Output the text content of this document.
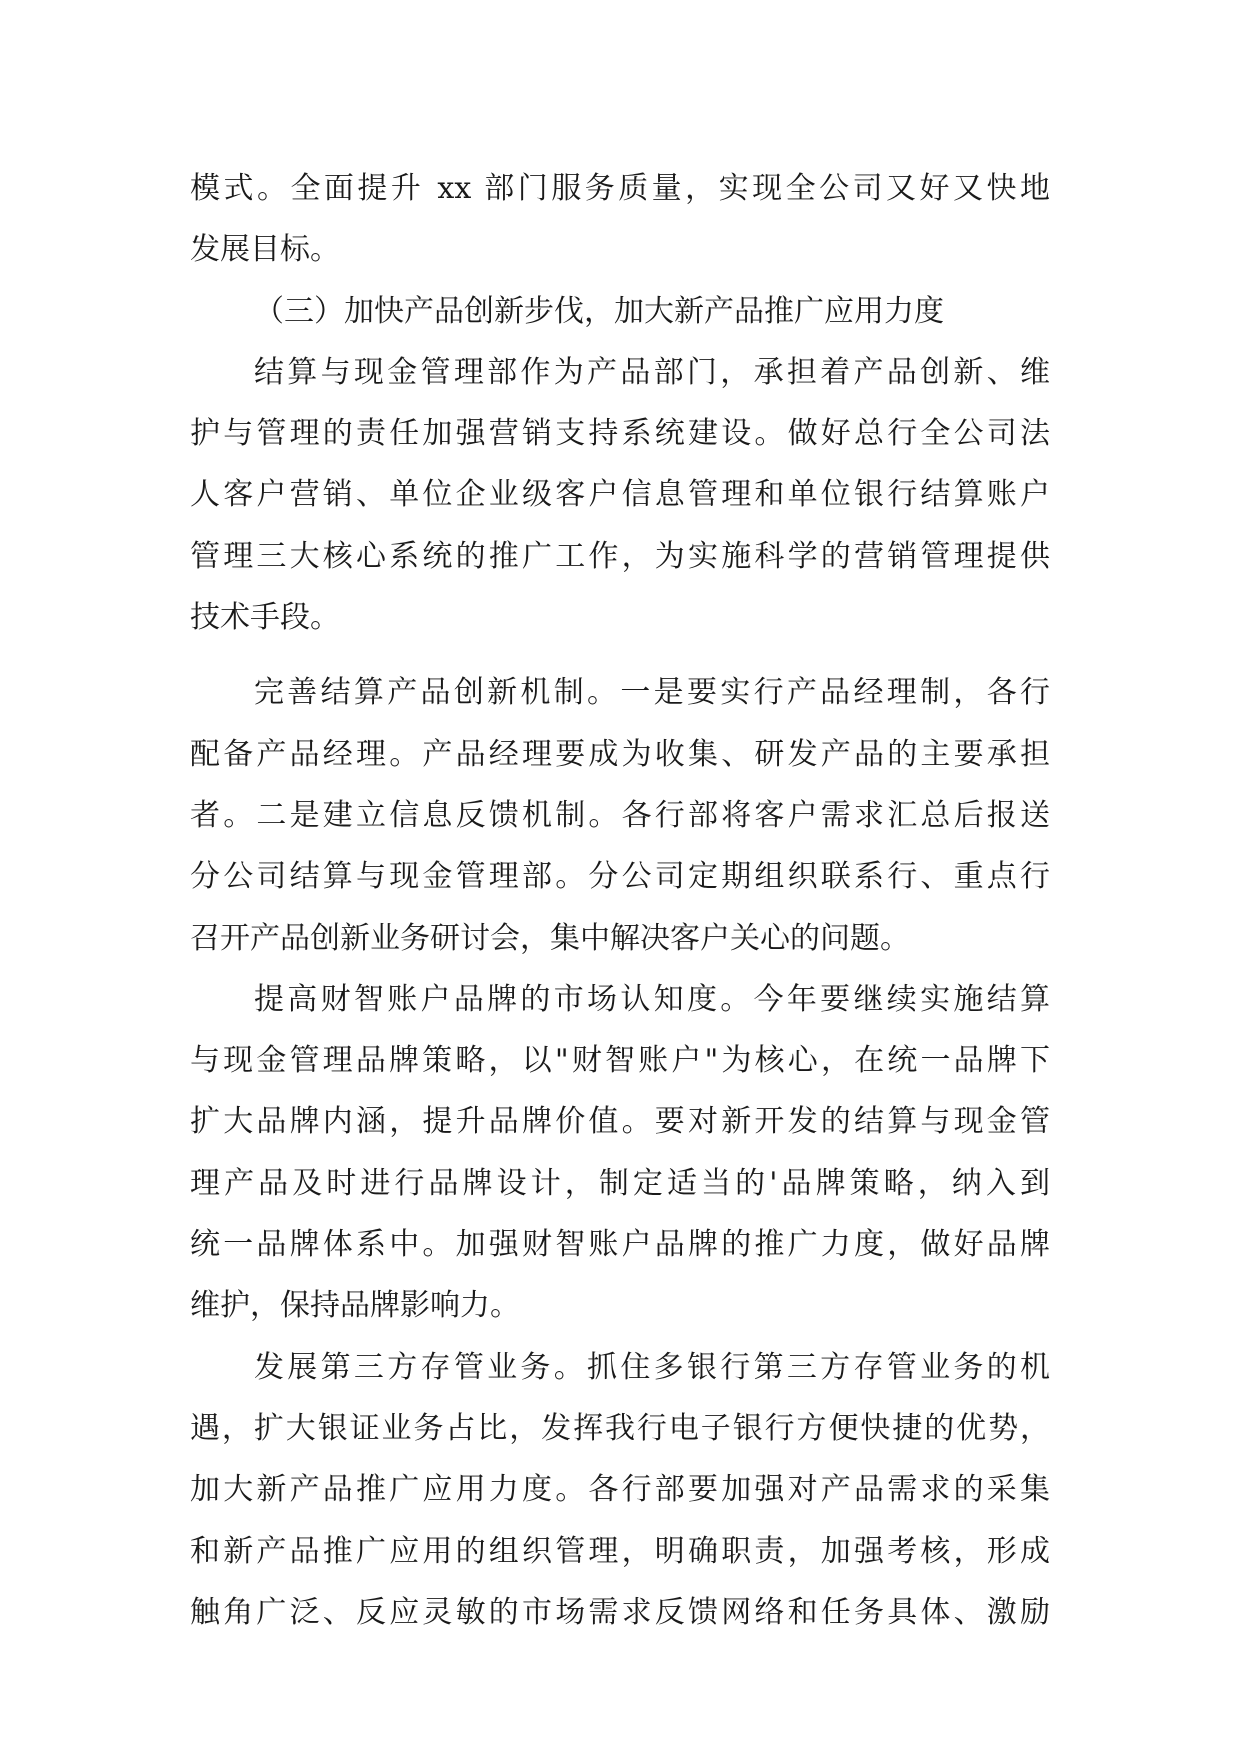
模式。全面提升 xx 部门服务质量，实现全公司又好又快地
发展目标。
（三）加快产品创新步伐，加大新产品推广应用力度
结算与现金管理部作为产品部门，承担着产品创新、维
护与管理的责任加强营销支持系统建设。做好总行全公司法
人客户营销、单位企业级客户信息管理和单位银行结算账户
管理三大核心系统的推广工作，为实施科学的营销管理提供
技术手段。
完善结算产品创新机制。一是要实行产品经理制，各行
配备产品经理。产品经理要成为收集、研发产品的主要承担
者。二是建立信息反馈机制。各行部将客户需求汇总后报送
分公司结算与现金管理部。分公司定期组织联系行、重点行
召开产品创新业务研讨会，集中解决客户关心的问题。
提高财智账户品牌的市场认知度。今年要继续实施结算
与现金管理品牌策略，以"财智账户"为核心，在统一品牌下
扩大品牌内涵，提升品牌价值。要对新开发的结算与现金管
理产品及时进行品牌设计，制定适当的'品牌策略，纳入到
统一品牌体系中。加强财智账户品牌的推广力度，做好品牌
维护，保持品牌影响力。
发展第三方存管业务。抓住多银行第三方存管业务的机
遇，扩大银证业务占比，发挥我行电子银行方便快捷的优势，
加大新产品推广应用力度。各行部要加强对产品需求的采集
和新产品推广应用的组织管理，明确职责，加强考核，形成
触角广泛、反应灵敏的市场需求反馈网络和任务具体、激励
